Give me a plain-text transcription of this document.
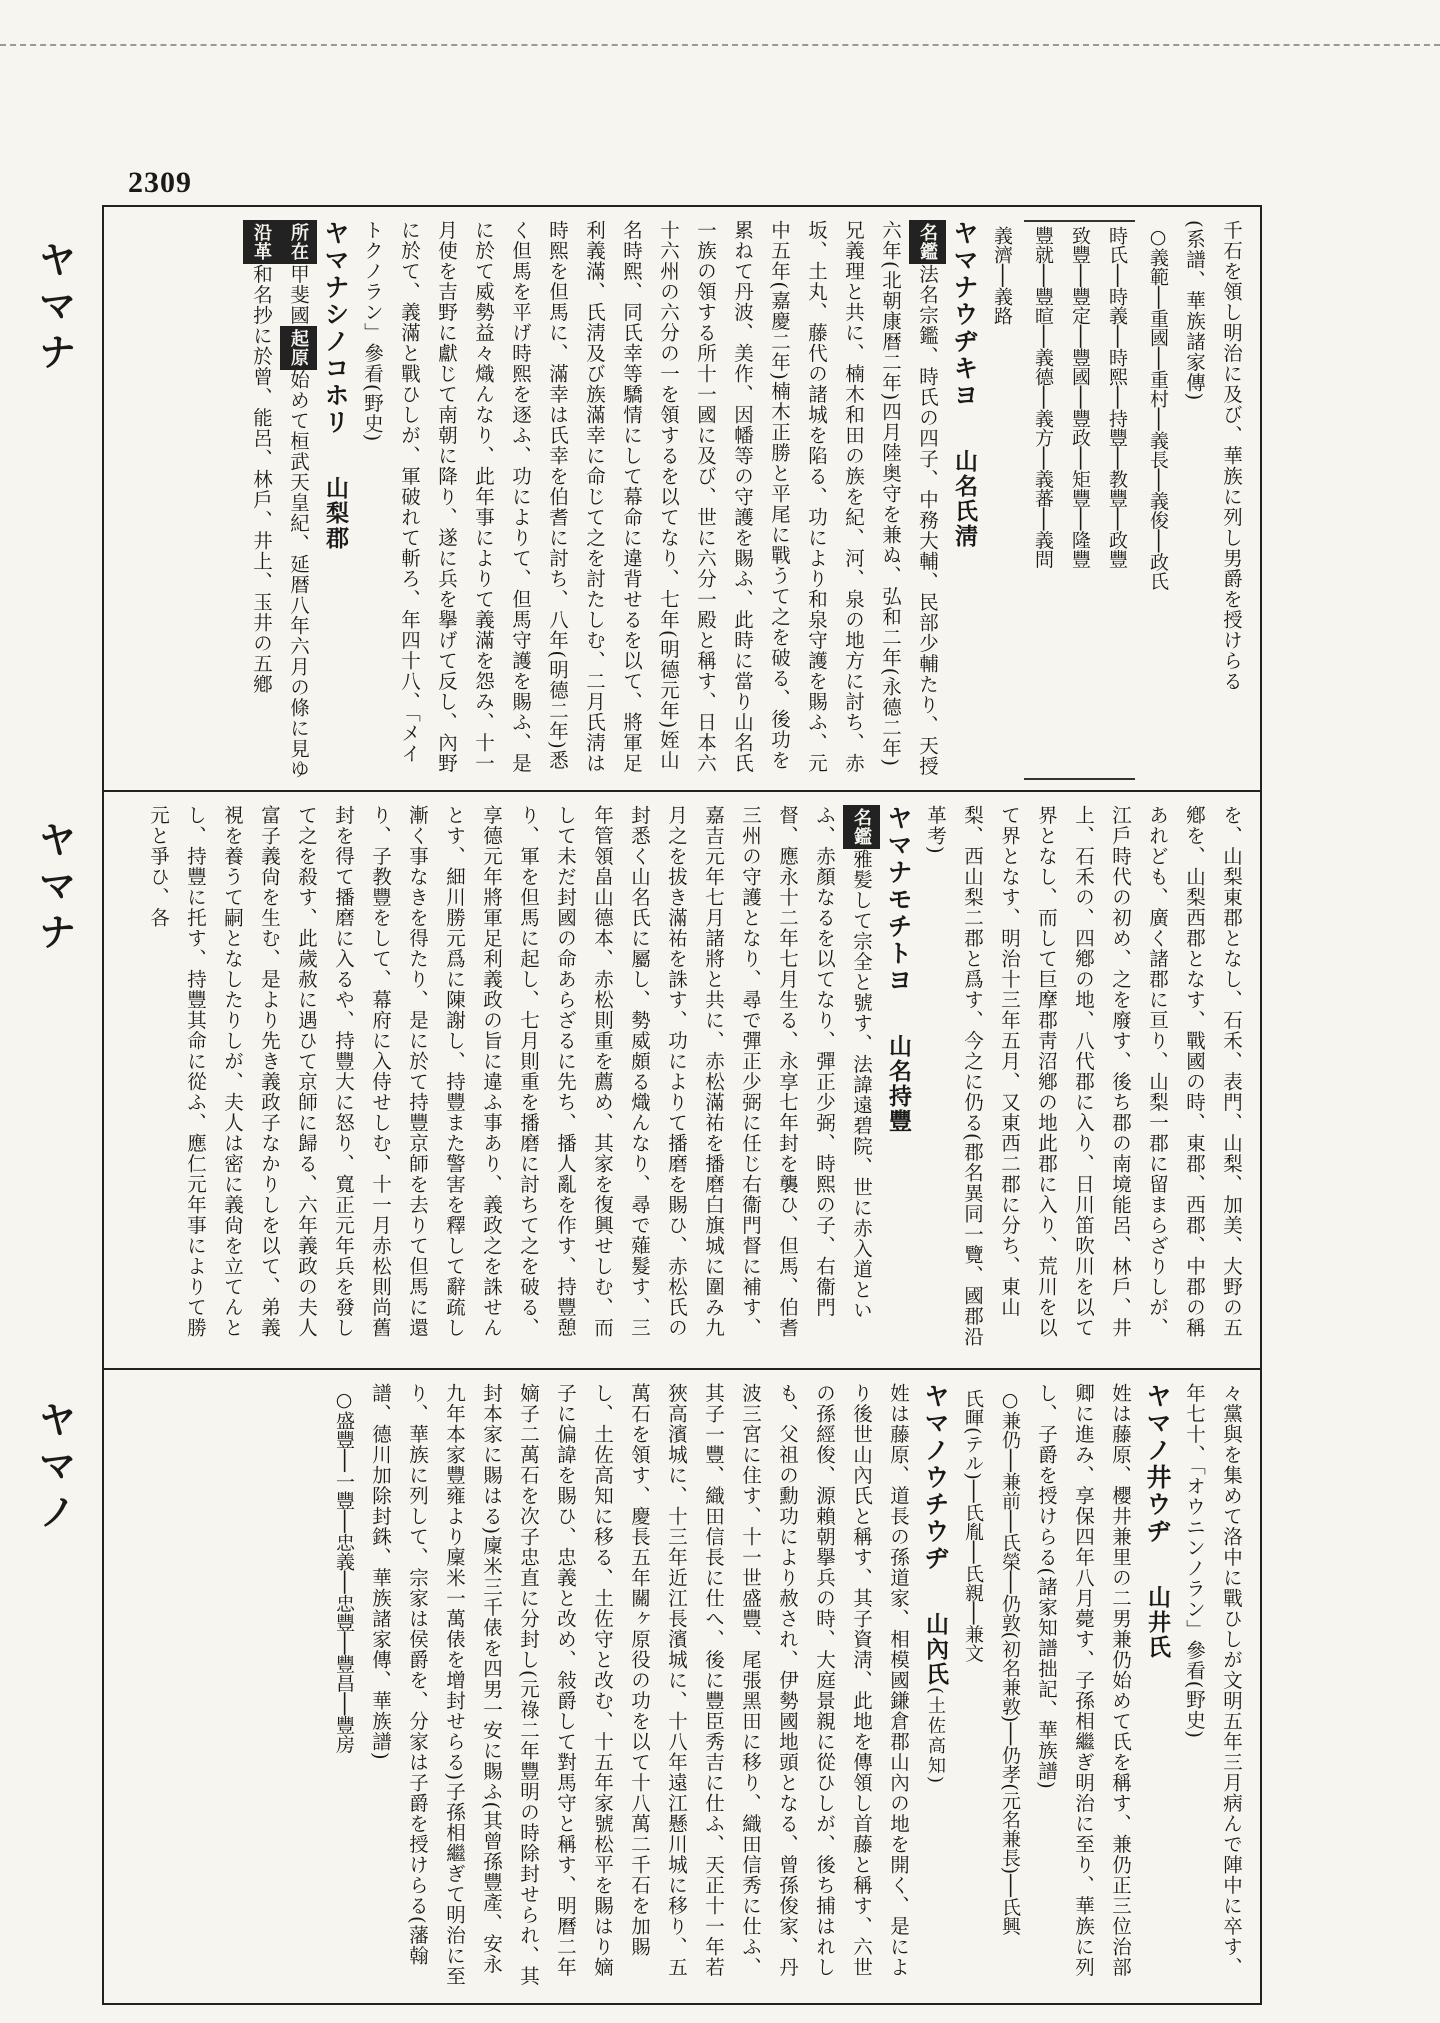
2309
ヤマナ
ヤマナ
ヤマノ
千石を領し明治に及び、華族に列し男爵を授けらる
(系譜、華族諸家傳)
○義範──重國──重村──義長──義俊──政氏
時氏──時義──時熙──持豐──教豐──政豐
致豐──豐定──豐國──豐政──矩豐──隆豐
豐就──豐暄──義德──義方──義蕃──義問
義濟──義路
ヤマナウヂキヨ山名氏淸
名鑑法名宗鑑、時氏の四子、中務大輔、民部少輔たり、天授六年(北朝康暦二年)四月陸奥守を兼ぬ、弘和二年(永德二年)兄義理と共に、楠木和田の族を紀、河、泉の地方に討ち、赤坂、土丸、藤代の諸城を陷る、功により和泉守護を賜ふ、元中五年(嘉慶二年)楠木正勝と平尾に戰うて之を破る、後功を累ねて丹波、美作、因幡等の守護を賜ふ、此時に當り山名氏一族の領する所十一國に及び、世に六分一殿と稱す、日本六十六州の六分の一を領するを以てなり、七年(明德元年)姪山名時熙、同氏幸等驕情にして幕命に違背せるを以て、將軍足利義滿、氏淸及び族滿幸に命じて之を討たしむ、二月氏淸は時熙を但馬に、滿幸は氏幸を伯耆に討ち、八年(明德二年)悉く但馬を平げ時熙を逐ふ、功によりて、但馬守護を賜ふ、是に於て威勢益々熾んなり、此年事によりて義滿を怨み、十一月使を吉野に獻じて南朝に降り、遂に兵を擧げて反し、內野に於て、義滿と戰ひしが、軍破れて斬ろ、年四十八、「メイトクノラン」參看(野史)
ヤマナシノコホリ山梨郡
所在甲斐國起原始めて桓武天皇紀、延暦八年六月の條に見ゆ沿革和名抄に於曾、能呂、林戶、井上、玉井の五鄕
を、山梨東郡となし、石禾、表門、山梨、加美、大野の五鄕を、山梨西郡となす、戰國の時、東郡、西郡、中郡の稱あれども、廣く諸郡に亘り、山梨一郡に留まらざりしが、江戶時代の初め、之を廢す、後ち郡の南境能呂、林戶、井上、石禾の、四鄕の地、八代郡に入り、日川笛吹川を以て界となし、而して巨摩郡靑沼鄕の地此郡に入り、荒川を以て界となす、明治十三年五月、又東西二郡に分ち、東山梨、西山梨二郡と爲す、今之に仍る(郡名異同一覽、國郡沿革考)
ヤマナモチトヨ山名持豐
名鑑雅髪して宗全と號す、法諱遠碧院、世に赤入道といふ、赤顏なるを以てなり、彈正少弼、時熙の子、右衞門督、應永十二年七月生る、永享七年封を襲ひ、但馬、伯耆三州の守護となり、尋で彈正少弼に任じ右衞門督に補す、嘉吉元年七月諸將と共に、赤松滿祐を播磨白旗城に圍み九月之を拔き滿祐を誅す、功によりて播磨を賜ひ、赤松氏の封悉く山名氏に屬し、勢威頗る熾んなり、尋で薙髮す、三年管領畠山德本、赤松則重を薦め、其家を復興せしむ、而して未だ封國の命あらざるに先ち、播人亂を作す、持豐憩り、軍を但馬に起し、七月則重を播磨に討ちて之を破る、享德元年將軍足利義政の旨に違ふ事あり、義政之を誅せんとす、細川勝元爲に陳謝し、持豐また警害を釋して辭疏し漸く事なきを得たり、是に於て持豐京師を去りて但馬に還り、子教豐をして、幕府に入侍せしむ、十一月赤松則尚舊封を得て播磨に入るや、持豐大に怒り、寬正元年兵を發して之を殺す、此歲赦に遇ひて京師に歸る、六年義政の夫人富子義尙を生む、是より先き義政子なかりしを以て、弟義視を養うて嗣となしたりしが、夫人は密に義尙を立てんとし、持豐に托す、持豐其命に從ふ、應仁元年事によりて勝元と爭ひ、各
々黨與を集めて洛中に戰ひしが文明五年三月病んで陣中に卒す、年七十、「オウニンノラン」參看(野史)
ヤマノ井ウヂ山井氏
姓は藤原、櫻井兼里の二男兼仍始めて氏を稱す、兼仍正三位治部卿に進み、享保四年八月薨す、子孫相繼ぎ明治に至り、華族に列し、子爵を授けらる(諸家知譜拙記、華族譜)
○兼仍──兼前──氏榮──仍敦(初名兼敦)──仍孝(元名兼長)──氏興
氏暉(テル)──氏胤──氏親──兼文
ヤマノウチウヂ山內氏(土佐高知)
姓は藤原、道長の孫道家、相模國鎌倉郡山內の地を開く、是により後世山內氏と稱す、其子資淸、此地を傳領し首藤と稱す、六世の孫經俊、源賴朝擧兵の時、大庭景親に從ひしが、後ち捕はれしも、父祖の勳功により赦され、伊勢國地頭となる、曾孫俊家、丹波三宮に住す、十一世盛豐、尾張黑田に移り、織田信秀に仕ふ、其子一豐、織田信長に仕へ、後に豐臣秀吉に仕ふ、天正十一年若狹高濱城に、十三年近江長濱城に、十八年遠江懸川城に移り、五萬石を領す、慶長五年關ヶ原役の功を以て十八萬二千石を加賜し、土佐高知に移る、土佐守と改む、十五年家號松平を賜はり嫡子に偏諱を賜ひ、忠義と改め、敍爵して對馬守と稱す、明曆二年嫡子二萬石を次子忠直に分封し(元祿二年豐明の時除封せられ、其封本家に賜はる)廩米三千俵を四男一安に賜ふ(其曾孫豐產、安永九年本家豐雍より廩米一萬俵を增封せらる)子孫相繼ぎて明治に至り、華族に列して、宗家は侯爵を、分家は子爵を授けらる(藩翰譜、德川加除封銖、華族諸家傳、華族譜)
○盛豐──一豐──忠義──忠豐──豐昌──豐房
